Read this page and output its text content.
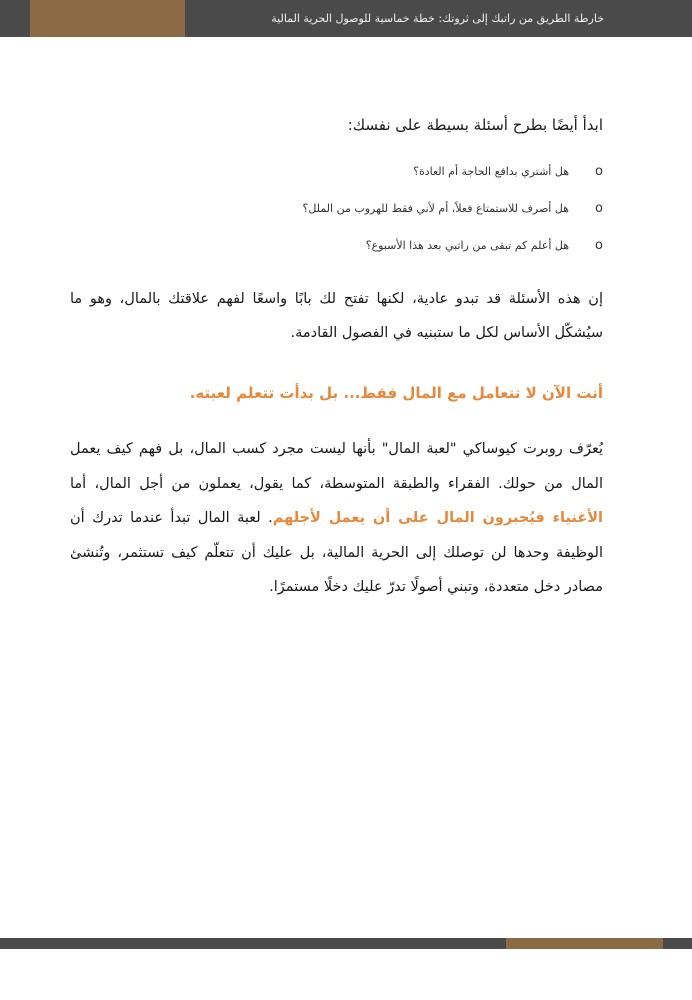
خارطة الطريق من راتبك إلى ثروتك: خطة خماسية للوصول الحرية المالية
ابدأ أيضًا بطرح أسئلة بسيطة على نفسك:
o
هل أشتري بدافع الحاجة أم العادة؟
o
هل أصرف للاستمتاع فعلاً، أم لأني فقط للهروب من الملل؟
o
هل أعلم كم تبقى من راتبي بعد هذا الأسبوع؟

إن هذه الأسئلة قد تبدو عادية، لكنها تفتح لك بابًا واسعًا لفهم علاقتك بالمال، وهو ما سيُشكّل الأساس لكل ما ستبنيه في الفصول القادمة.

أنت الآن لا تتعامل مع المال فقط... بل بدأت تتعلم لعبته.

يُعرّف روبرت كيوساكي "لعبة المال" بأنها ليست مجرد كسب المال، بل فهم كيف يعمل المال من حولك. الفقراء والطبقة المتوسطة، كما يقول، يعملون من أجل المال، أما الأغنياء فيُجبرون المال على أن يعمل لأجلهم. لعبة المال تبدأ عندما تدرك أن الوظيفة وحدها لن توصلك إلى الحرية المالية، بل عليك أن تتعلّم كيف تستثمر، وتُنشئ مصادر دخل متعددة، وتبني أصولًا تدرّ عليك دخلًا مستمرًا.
